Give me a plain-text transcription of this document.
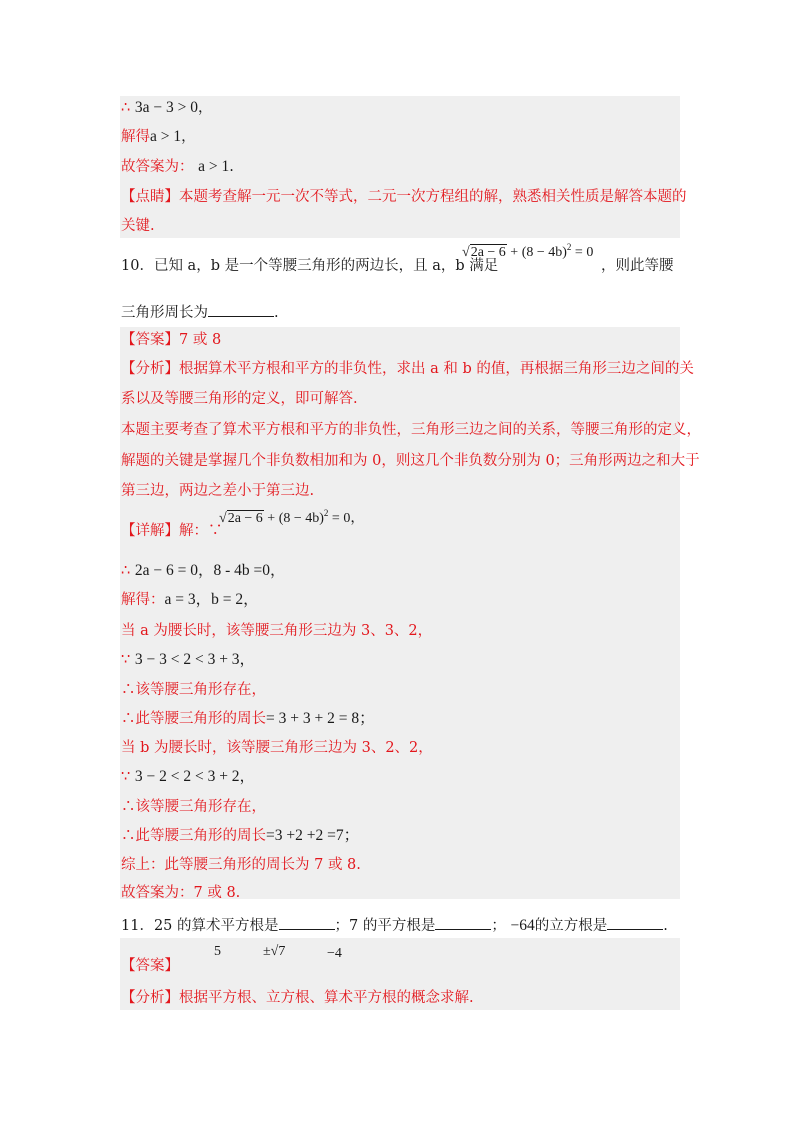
∴ 3a − 3 > 0，
解得a > 1，
故答案为： a > 1.
【点睛】本题考查解一元一次不等式，二元一次方程组的解，熟悉相关性质是解答本题的
关键.
10．已知 a，b 是一个等腰三角形的两边长，且 a，b 满足
$√2a - 6 + (8 - 4b)^2 = 0$
，则此等腰
三角形周长为	.
【答案】7 或 8
【分析】根据算术平方根和平方的非负性，求出 a 和 b 的值，再根据三角形三边之间的关
系以及等腰三角形的定义，即可解答.
本题主要考查了算术平方根和平方的非负性，三角形三边之间的关系，等腰三角形的定义，
解题的关键是掌握几个非负数相加和为 0，则这几个非负数分别为 0；三角形两边之和大于
第三边，两边之差小于第三边.
【详解】解：∵
$√2a - 6 + (8 - 4b)^2 = 0$，
∴ 2a − 6 = 0，8 - 4b =0，
解得：a = 3，b = 2，
当 a 为腰长时，该等腰三角形三边为 3、3、2，
∵ 3 − 3 < 2 < 3 + 3，
∴该等腰三角形存在，
∴此等腰三角形的周长= 3 + 3 + 2 = 8；
当 b 为腰长时，该等腰三角形三边为 3、2、2，
∵ 3 − 2 < 2 < 3 + 2，
∴该等腰三角形存在，
∴此等腰三角形的周长=3 +2 +2 =7；
综上：此等腰三角形的周长为 7 或 8.
故答案为：7 或 8.
11．25 的算术平方根是	；7 的平方根是	； −64的立方根是	.
【答案】
5	±√7	−4
【分析】根据平方根、立方根、算术平方根的概念求解.
